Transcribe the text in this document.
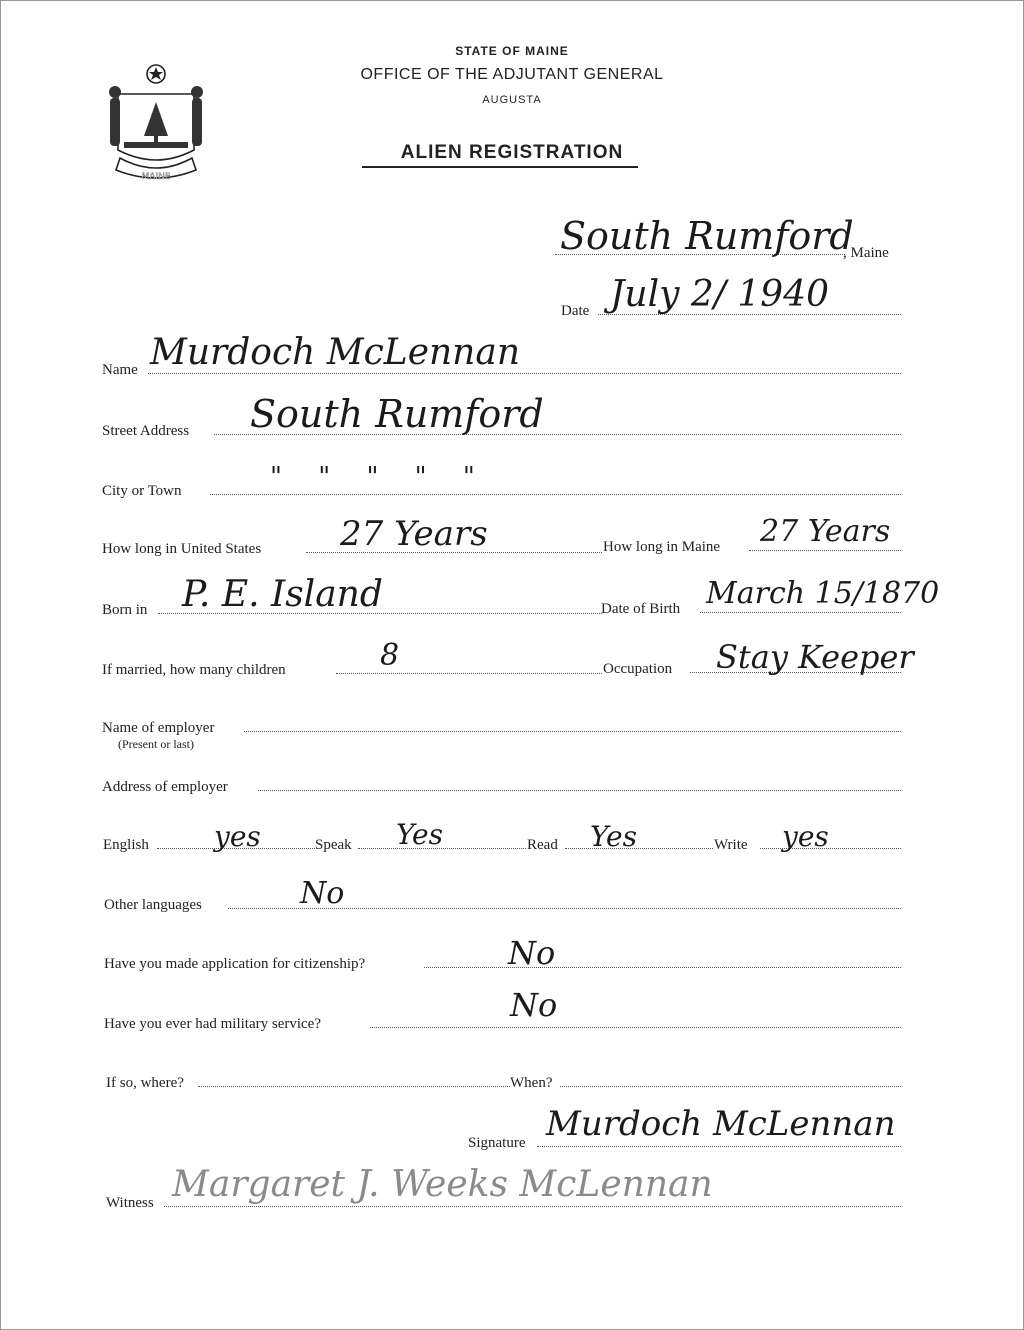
MAINE
STATE OF MAINE
OFFICE OF THE ADJUTANT GENERAL
AUGUSTA
ALIEN REGISTRATION
South Rumford
, Maine
Date July 2/ 1940
Name Murdoch McLennan
Street Address South Rumford
City or Town	" " " " "
How long in United States 27 Years	How long in Maine 27 Years
Born in P. E. Island	Date of Birth March 15/1870
If married, how many children	8	Occupation Stay Keeper
Name of employer
(Present or last)
Address of employer
English yes	Speak Yes	Read Yes	Write yes
Other languages	No
Have you made application for citizenship?	No
Have you ever had military service?	No
If so, where?	When?
Signature Murdoch McLennan
Witness Margaret J. Weeks McLennan
